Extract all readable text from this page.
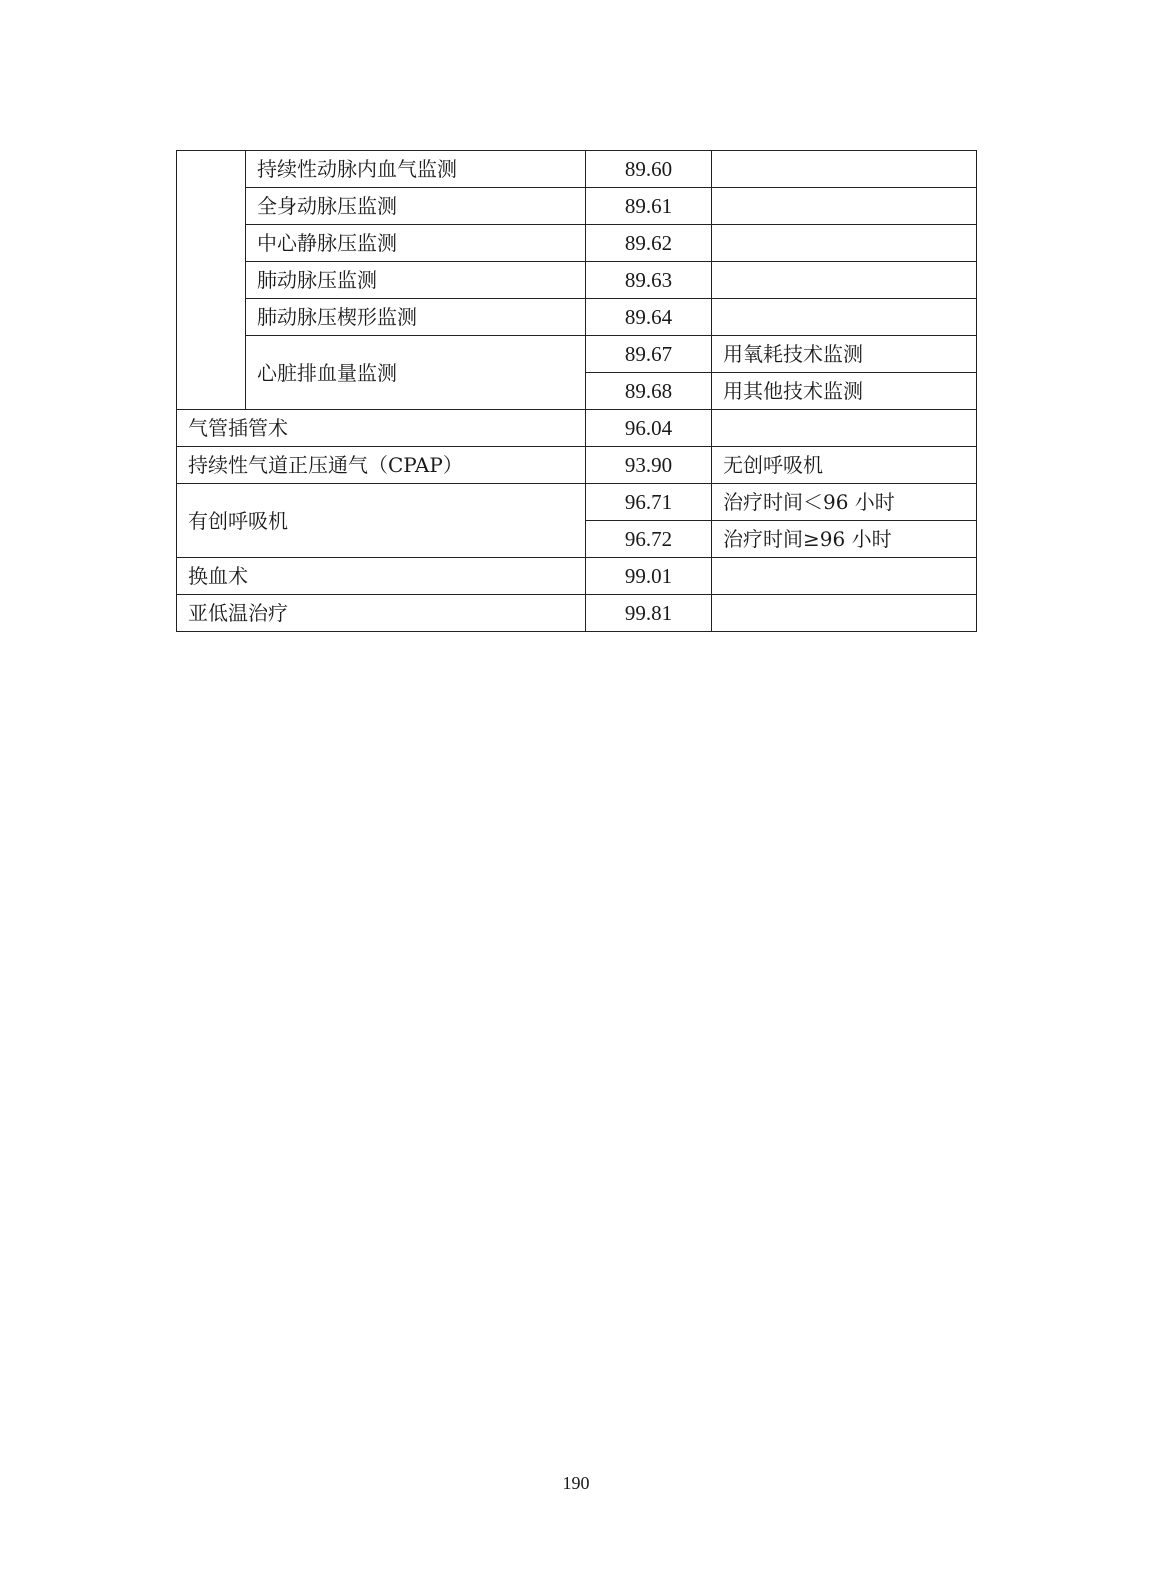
	持续性动脉内血气监测	89.60	
	全身动脉压监测	89.61	
	中心静脉压监测	89.62	
	肺动脉压监测	89.63	
	肺动脉压楔形监测	89.64	
	心脏排血量监测	89.67	用氧耗技术监测
		89.68	用其他技术监测
气管插管术		96.04	
持续性气道正压通气（CPAP）		93.90	无创呼吸机
有创呼吸机		96.71	治疗时间＜96 小时
		96.72	治疗时间≥96 小时
换血术		99.01	
亚低温治疗		99.81	
190
